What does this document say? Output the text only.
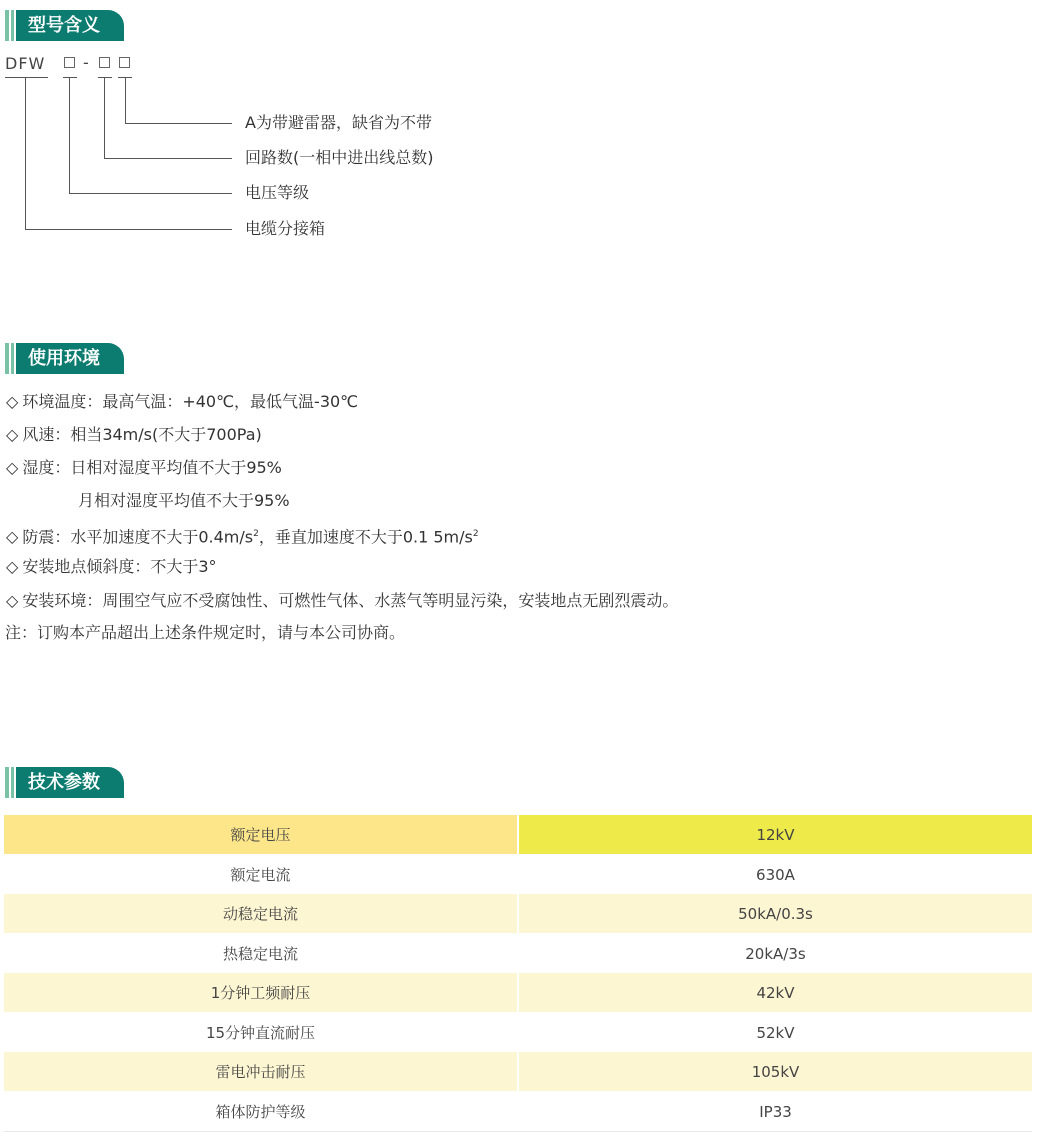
型号含义
DFW -
A为带避雷器，缺省为不带
回路数(一相中进出线总数)
电压等级
电缆分接箱
使用环境
◇ 环境温度：最高气温：+40℃，最低气温-30℃
◇ 风速：相当34m/s(不大于700Pa)
◇ 湿度：日相对湿度平均值不大于95%
月相对湿度平均值不大于95%
◇ 防震：水平加速度不大于$0.4m/s^2$，垂直加速度不大于0.1 $5m/s^2$
◇ 安装地点倾斜度：不大于3°
◇ 安装环境：周围空气应不受腐蚀性、可燃性气体、水蒸气等明显污染，安装地点无剧烈震动。
注：订购本产品超出上述条件规定时，请与本公司协商。
技术参数
额定电压	12kV
额定电流	630A
动稳定电流	50kA/0.3s
热稳定电流	20kA/3s
1分钟工频耐压	42kV
15分钟直流耐压	52kV
雷电冲击耐压	105kV
箱体防护等级	IP33
